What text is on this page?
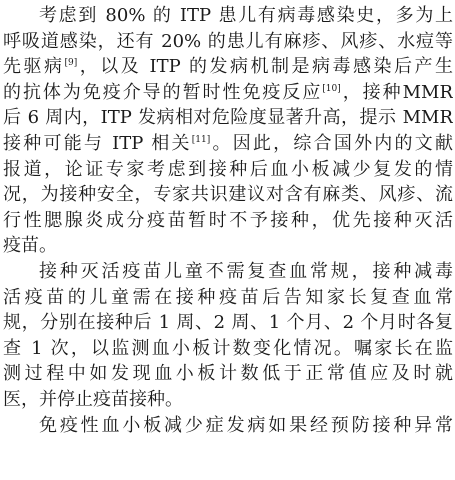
考虑到 80% 的 ITP 患儿有病毒感染史，多为上
呼吸道感染，还有 20% 的患儿有麻疹、风疹、水痘等
先驱病[9]，以及 ITP 的发病机制是病毒感染后产生
的抗体为免疫介导的暂时性免疫反应[10]，接种MMR
后 6 周内，ITP 发病相对危险度显著升高，提示 MMR
接种可能与 ITP 相关[11]。因此，综合国外内的文献
报道，论证专家考虑到接种后血小板减少复发的情
况，为接种安全，专家共识建议对含有麻类、风疹、流
行性腮腺炎成分疫苗暂时不予接种，优先接种灭活
疫苗。
接种灭活疫苗儿童不需复查血常规，接种减毒
活疫苗的儿童需在接种疫苗后告知家长复查血常
规，分别在接种后 1 周、2 周、1 个月、2 个月时各复
查 1 次，以监测血小板计数变化情况。嘱家长在监
测过程中如发现血小板计数低于正常值应及时就
医，并停止疫苗接种。
免疫性血小板减少症发病如果经预防接种异常
